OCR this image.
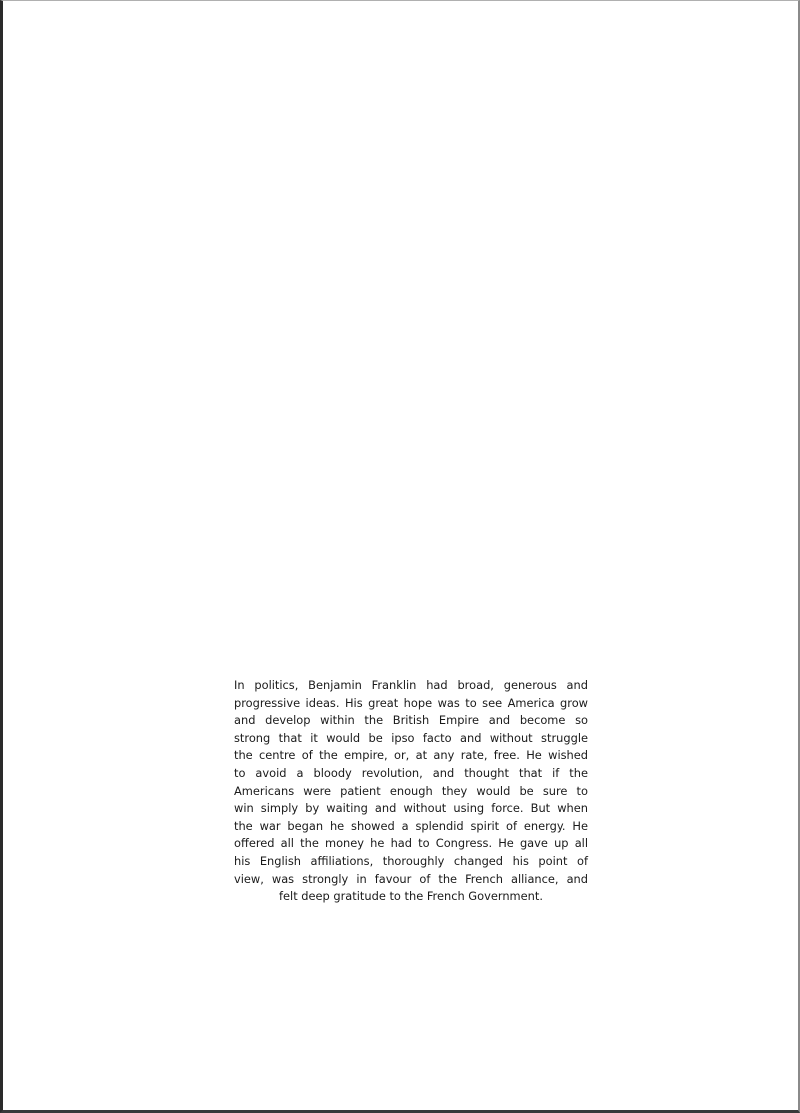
In politics, Benjamin Franklin had broad, generous and
progressive ideas. His great hope was to see America grow
and develop within the British Empire and become so
strong that it would be ipso facto and without struggle
the centre of the empire, or, at any rate, free. He wished
to avoid a bloody revolution, and thought that if the
Americans were patient enough they would be sure to
win simply by waiting and without using force. But when
the war began he showed a splendid spirit of energy. He
offered all the money he had to Congress. He gave up all
his English affiliations, thoroughly changed his point of
view, was strongly in favour of the French alliance, and
felt deep gratitude to the French Government.
